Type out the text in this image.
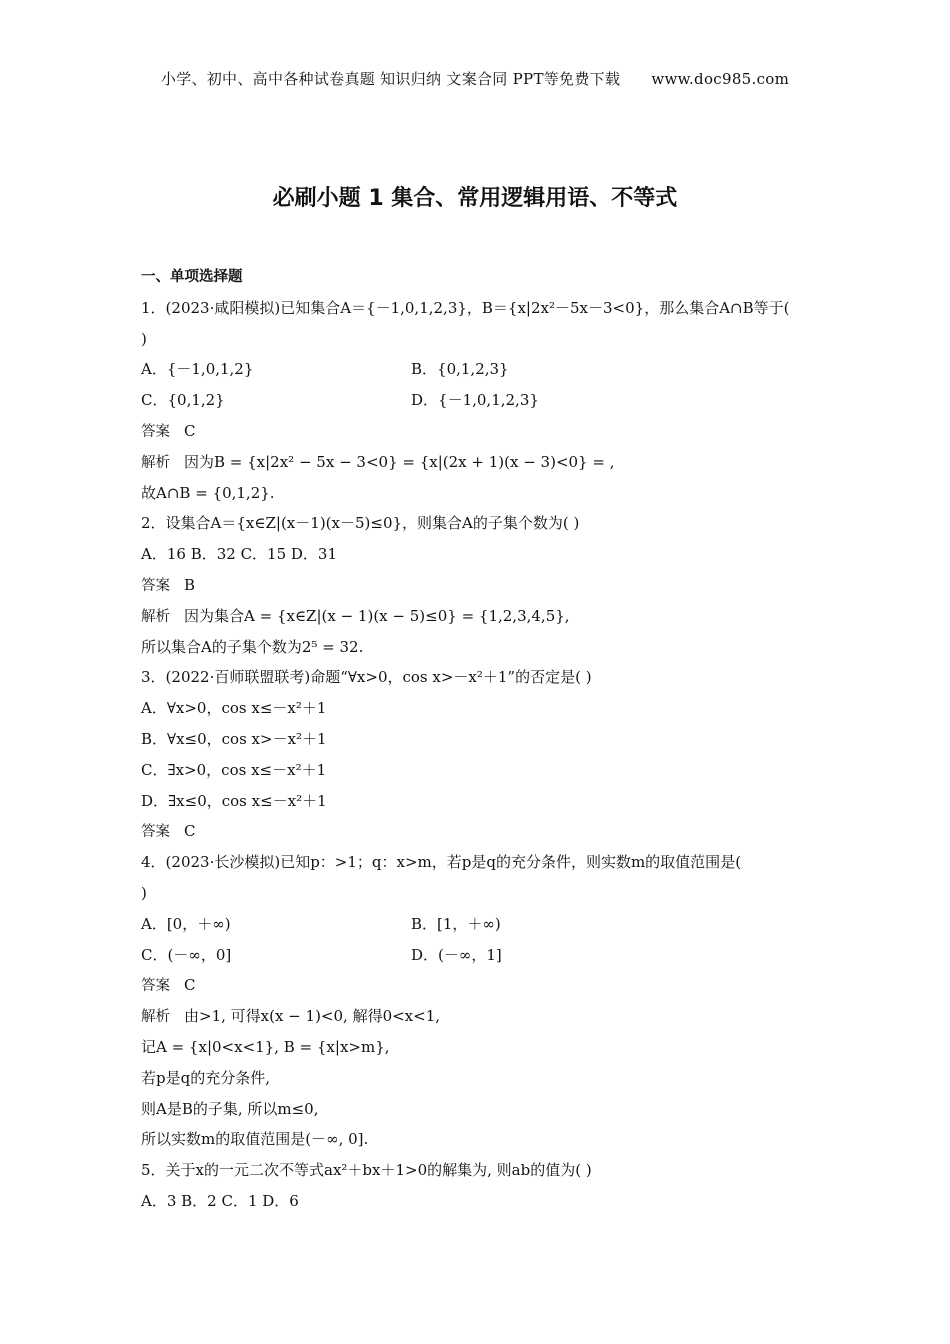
小学、初中、高中各种试卷真题 知识归纳 文案合同 PPT等免费下载 www.doc985.com
必刷小题 1 集合、常用逻辑用语、不等式
一、单项选择题
1．(2023·咸阳模拟)已知集合A＝{－1,0,1,2,3}，B＝{x|2x²－5x－3<0}，那么集合A∩B等于(
)
A．{－1,0,1,2}	B．{0,1,2,3}
C．{0,1,2}	D．{－1,0,1,2,3}
答案 C
解析 因为B = {x|2x² − 5x − 3<0} = {x|(2x + 1)(x − 3)<0} = ,
故A∩B = {0,1,2}.
2．设集合A＝{x∈Z|(x－1)(x－5)≤0}，则集合A的子集个数为( )
A．16 B．32 C．15 D．31
答案 B
解析 因为集合A = {x∈Z|(x − 1)(x − 5)≤0} = {1,2,3,4,5},
所以集合A的子集个数为2⁵ = 32.
3．(2022·百师联盟联考)命题“∀x>0，cos x>－x²＋1”的否定是( )
A．∀x>0，cos x≤－x²＋1
B．∀x≤0，cos x>－x²＋1
C．∃x>0，cos x≤－x²＋1
D．∃x≤0，cos x≤－x²＋1
答案 C
4．(2023·长沙模拟)已知p：>1；q：x>m，若p是q的充分条件，则实数m的取值范围是(
)
A．[0，＋∞)	B．[1，＋∞)
C．(－∞，0]	D．(－∞，1]
答案 C
解析 由>1, 可得x(x − 1)<0, 解得0<x<1,
记A = {x|0<x<1}, B = {x|x>m},
若p是q的充分条件,
则A是B的子集, 所以m≤0,
所以实数m的取值范围是(－∞, 0].
5．关于x的一元二次不等式ax²＋bx＋1>0的解集为, 则ab的值为( )
A．3 B．2 C．1 D．6
